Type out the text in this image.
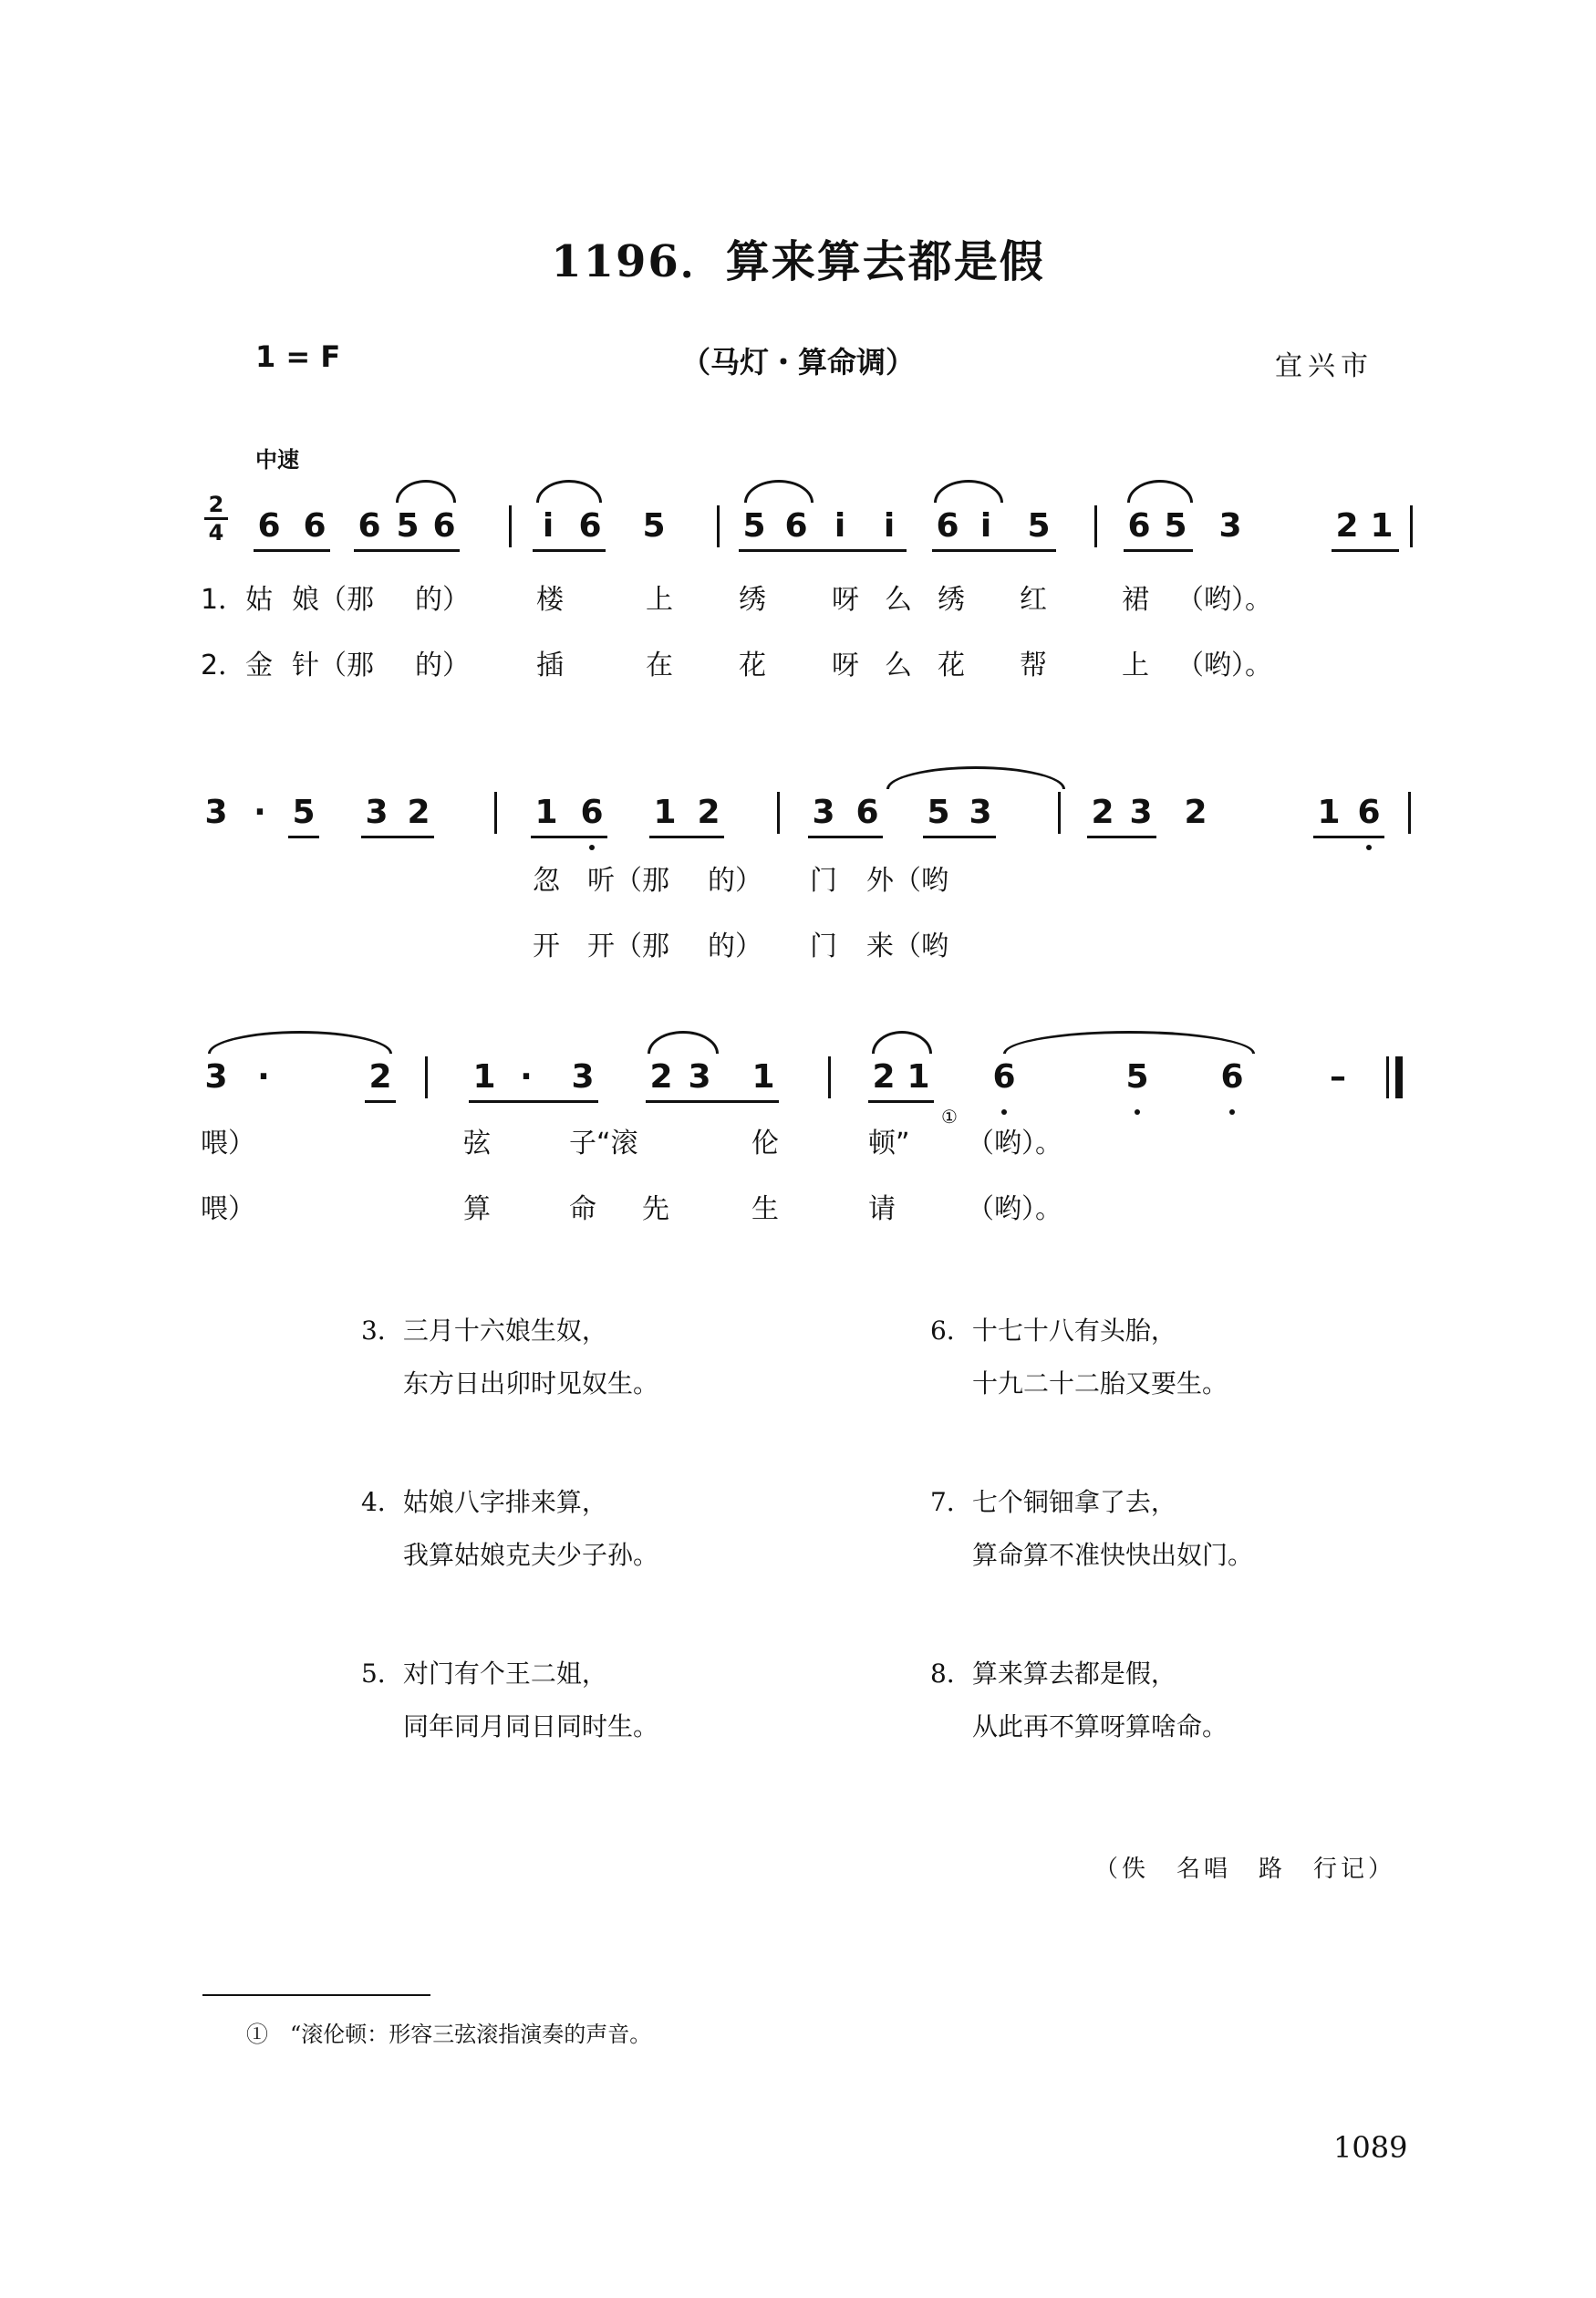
1196．算来算去都是假
1 = F	（马灯・算命调）	宜兴市
中速
2
4 6 6 6 5 6	i 6 5 5 6 i	i	6 i	5 6 5 3	2 1
1．姑 娘（那 的） 楼	上 绣 呀 么 绣 红	裙 （哟）。
2．金 针（那 的） 插	在 花 呀 么 花 帮	上 （哟）。
3 · 5 3 2	1 6 1 2	3 6 5 3	2 3 2	1 6
忽 听（那 的） 门 外（哟
开 开（那 的） 门 来（哟
3 ·	2 1 · 3 2 3 1	2 1 6	5 6	–
喂）	弦	子“滚	伦	顿”
①
（哟）。
喂）	算	命 先	生	请	（哟）。
3．三月十六娘生奴，
东方日出卯时见奴生。
6．十七十八有头胎，
十九二十二胎又要生。
4．姑娘八字排来算，
我算姑娘克夫少子孙。
7．七个铜钿拿了去，
算命算不准快快出奴门。
5．对门有个王二姐，
同年同月同日同时生。
8．算来算去都是假，
从此再不算呀算啥命。
（佚　名唱　路　行记）
①　“滚伦顿：形容三弦滚指演奏的声音。
1089
